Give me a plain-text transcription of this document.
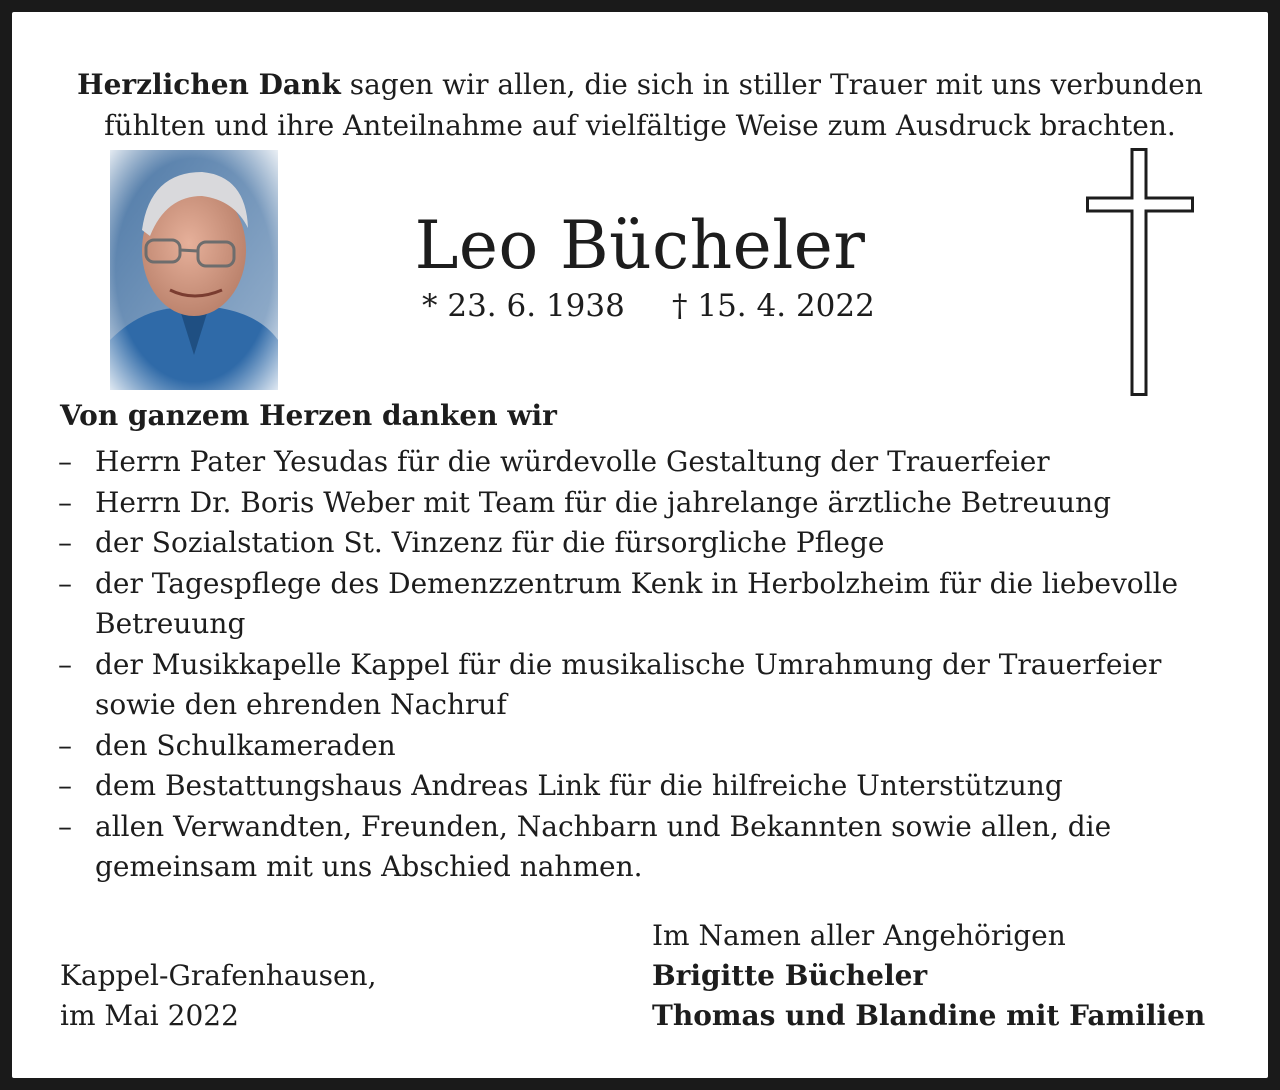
Herzlichen Dank sagen wir allen, die sich in stiller Trauer mit uns verbunden
fühlten und ihre Anteilnahme auf vielfältige Weise zum Ausdruck brachten.
Leo Bücheler
* 23. 6. 1938 † 15. 4. 2022
Von ganzem Herzen danken wir
– Herrn Pater Yesudas für die würdevolle Gestaltung der Trauerfeier
– Herrn Dr. Boris Weber mit Team für die jahrelange ärztliche Betreuung
– der Sozialstation St. Vinzenz für die fürsorgliche Pflege
– der Tagespflege des Demenzzentrum Kenk in Herbolzheim für die liebevolle Betreuung
– der Musikkapelle Kappel für die musikalische Umrahmung der Trauerfeier sowie den ehrenden Nachruf
– den Schulkameraden
– dem Bestattungshaus Andreas Link für die hilfreiche Unterstützung
– allen Verwandten, Freunden, Nachbarn und Bekannten sowie allen, die gemeinsam mit uns Abschied nahmen.
Kappel-Grafenhausen,
im Mai 2022
Im Namen aller Angehörigen
Brigitte Bücheler
Thomas und Blandine mit Familien
